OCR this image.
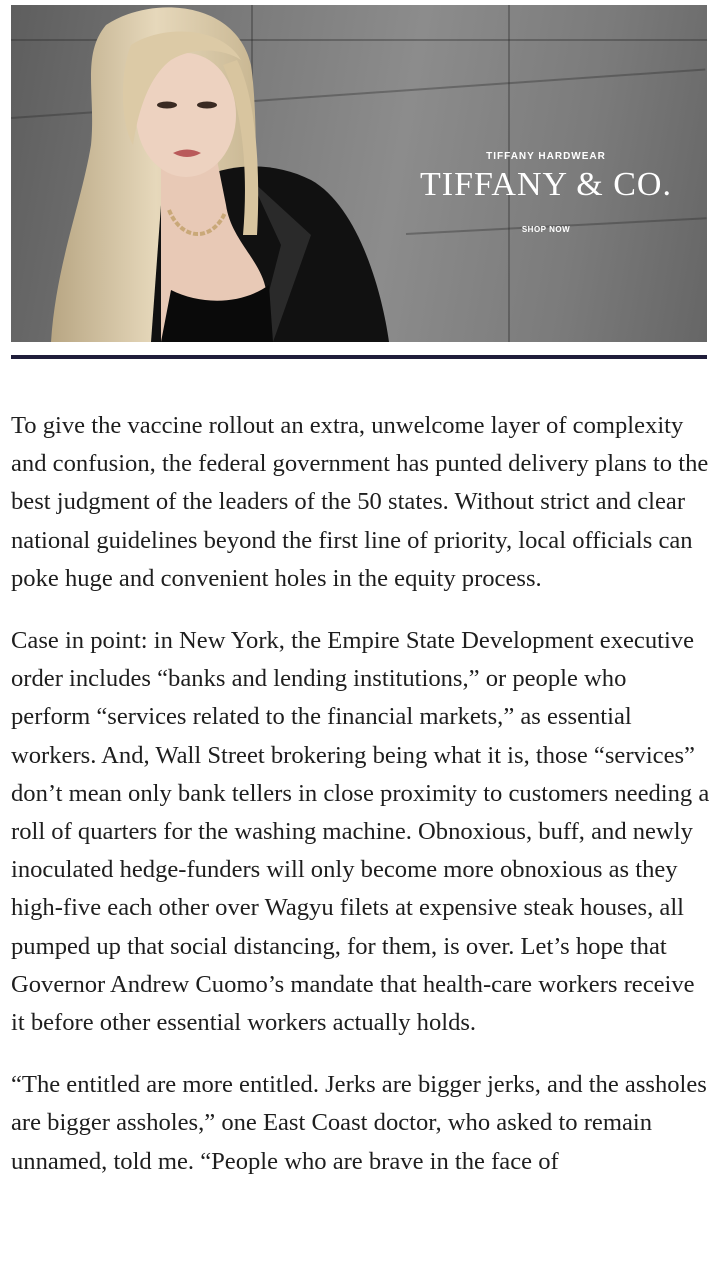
TIFFANY HARDWEAR
TIFFANY & CO.
SHOP NOW

To give the vaccine rollout an extra, unwelcome layer of complexity and confusion, the federal government has punted delivery plans to the best judgment of the leaders of the 50 states. Without strict and clear national guidelines beyond the first line of priority, local officials can poke huge and convenient holes in the equity process.

Case in point: in New York, the Empire State Development executive order includes “banks and lending institutions,” or people who perform “services related to the financial markets,” as essential workers. And, Wall Street brokering being what it is, those “services” don’t mean only bank tellers in close proximity to customers needing a roll of quarters for the washing machine. Obnoxious, buff, and newly inoculated hedge-funders will only become more obnoxious as they high-five each other over Wagyu filets at expensive steak houses, all pumped up that social distancing, for them, is over. Let’s hope that Governor Andrew Cuomo’s mandate that health-care workers receive it before other essential workers actually holds.

“The entitled are more entitled. Jerks are bigger jerks, and the assholes are bigger assholes,” one East Coast doctor, who asked to remain unnamed, told me. “People who are brave in the face of
